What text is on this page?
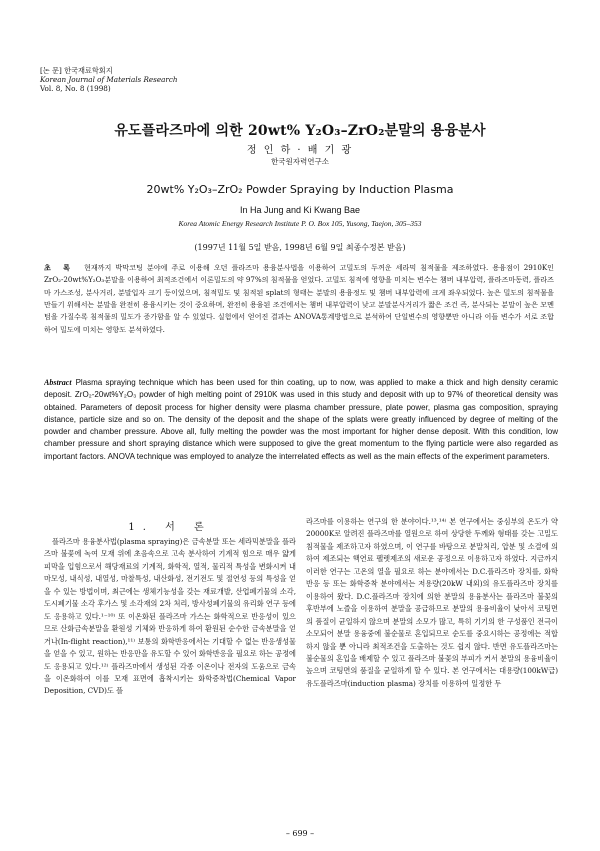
[논 문] 한국재료학회지
Korean Journal of Materials Research
Vol. 8, No. 8 (1998)
유도플라즈마에 의한 20wt% Y₂O₃–ZrO₂분말의 용융분사
정 인 하 · 배 기 광
한국원자력연구소
20wt% Y₂O₃–ZrO₂ Powder Spraying by Induction Plasma
In Ha Jung and Ki Kwang Bae
Korea Atomic Energy Research Institute P. O. Box 105, Yusong, Taejon, 305–353
(1997년 11월 5일 받음, 1998년 6월 9일 최종수정본 받음)
초 록 현재까지 박막코팅 분야에 주로 이용해 오던 플라즈마 용융분사법을 이용하여 고밀도의 두꺼운 세라믹 침적물을 제조하였다. 용융점이 2910K인 ZrO₂-20wt%Y₂O₃분말을 이용하여 최적조건에서 이론밀도의 약 97%의 침적물을 얻었다. 고밀도 침적에 영향을 미치는 변수는 챔버 내부압력, 플라즈마동력, 플라즈마 가스조성, 분사거리, 분말입자 크기 등이었으며, 침적밀도 및 침적된 splat의 형태는 분말의 용융정도 및 챔버 내부압력에 크게 좌우되었다. 높은 밀도의 침적물을 만들기 위해서는 분말을 완전히 용융시키는 것이 중요하며, 완전히 용융된 조건에서는 챔버 내부압력이 낮고 분말분사거리가 짧은 조건 즉, 분사되는 분말이 높은 모멘텀을 가질수록 침적물의 밀도가 증가함을 알 수 있었다. 실험에서 얻어진 결과는 ANOVA통계방법으로 분석하여 단일변수의 영향뿐만 아니라 이들 변수가 서로 조합하여 밀도에 미치는 영향도 분석하였다.
Abstract Plasma spraying technique which has been used for thin coating, up to now, was applied to make a thick and high density ceramic deposit. ZrO₂-20wt%Y₂O₃ powder of high melting point of 2910K was used in this study and deposit with up to 97% of theoretical density was obtained. Parameters of deposit process for higher density were plasma chamber pressure, plate power, plasma gas composition, spraying distance, particle size and so on. The density of the deposit and the shape of the splats were greatly influenced by degree of melting of the powder and chamber pressure. Above all, fully melting the powder was the most important for higher dense deposit. With this condition, low chamber pressure and short spraying distance which were supposed to give the great momentum to the flying particle were also regarded as important factors. ANOVA technique was employed to analyze the interrelated effects as well as the main effects of the experiment parameters.
1. 서 론

플라즈마 용융분사법(plasma spraying)은 금속분말 또는 세라믹분말을 플라즈마 불꽃에 녹여 모재 위에 초음속으로 고속 분사하여 기계적 힘으로 매우 얇게 피막을 입힘으로서 해당재료의 기계적, 화학적, 열적, 물리적 특성을 변화시켜 내마모성, 내식성, 내열성, 마찰특성, 내산화성, 전기전도 및 절연성 등의 특성을 얻을 수 있는 방법이며, 최근에는 생체기능성을 갖는 재료개발, 산업폐기물의 소각, 도시폐기물 소각 후가스 및 소각재의 2차 처리, 방사성폐기물의 유리화 연구 등에도 응용하고 있다.¹⁻¹⁰⁾ 또 이온화된 플라즈마 가스는 화학적으로 반응성이 있으므로 산화금속분말을 환원성 기체와 반응하게 하여 환원된 순수한 금속분말을 얻거나(In-flight reaction),¹¹⁾ 보통의 화학반응에서는 기대할 수 없는 반응생성물을 얻을 수 있고, 원하는 반응만을 유도할 수 있어 화학반응을 필요로 하는 공정에도 응용되고 있다.¹²⁾ 플라즈마에서 생성된 각종 이온이나 전자의 도움으로 금속을 이온화하여 이를 모재 표면에 흡착시키는 화학증착법(Chemical Vapor Deposition, CVD)도 플

라즈마를 이용하는 연구의 한 분야이다.¹³,¹⁴⁾ 본 연구에서는 중심부의 온도가 약 20000K로 알려진 플라즈마를 열원으로 하여 상당한 두께와 형태를 갖는 고밀도 침적물을 제조하고자 하였으며, 이 연구를 바탕으로 분말처리, 압분 및 소결에 의하여 제조되는 핵연료 펠렛제조의 새로운 공정으로 이용하고자 하였다. 지금까지 이러한 연구는 고온의 열을 필요로 하는 분야에서는 D.C.플라즈마 장치를, 화학반응 등 또는 화학증착 분야에서는 저용량(20kW 내외)의 유도플라즈마 장치를 이용하여 왔다. D.C.플라즈마 장치에 의한 분말의 용융분사는 플라즈마 불꽃의 후반부에 노즐을 이용하여 분말을 공급하므로 분말의 용융비율이 낮아서 코팅면의 품질이 균일하지 않으며 분말의 소모가 많고, 특히 기기의 한 구성품인 전극이 소모되어 분말 용융중에 불순물로 혼입되므로 순도를 중요시하는 공정에는 적합하지 않을 뿐 아니라 최적조건을 도출하는 것도 쉽지 않다. 반면 유도플라즈마는 불순물의 혼입을 배제할 수 있고 플라즈마 불꽃의 부피가 커서 분말의 용융비율이 높으며 코팅면의 품질을 균일하게 할 수 있다. 본 연구에서는 대용량(100kW급) 유도플라즈마(induction plasma) 장치를 이용하여 일정한 두

– 699 –
